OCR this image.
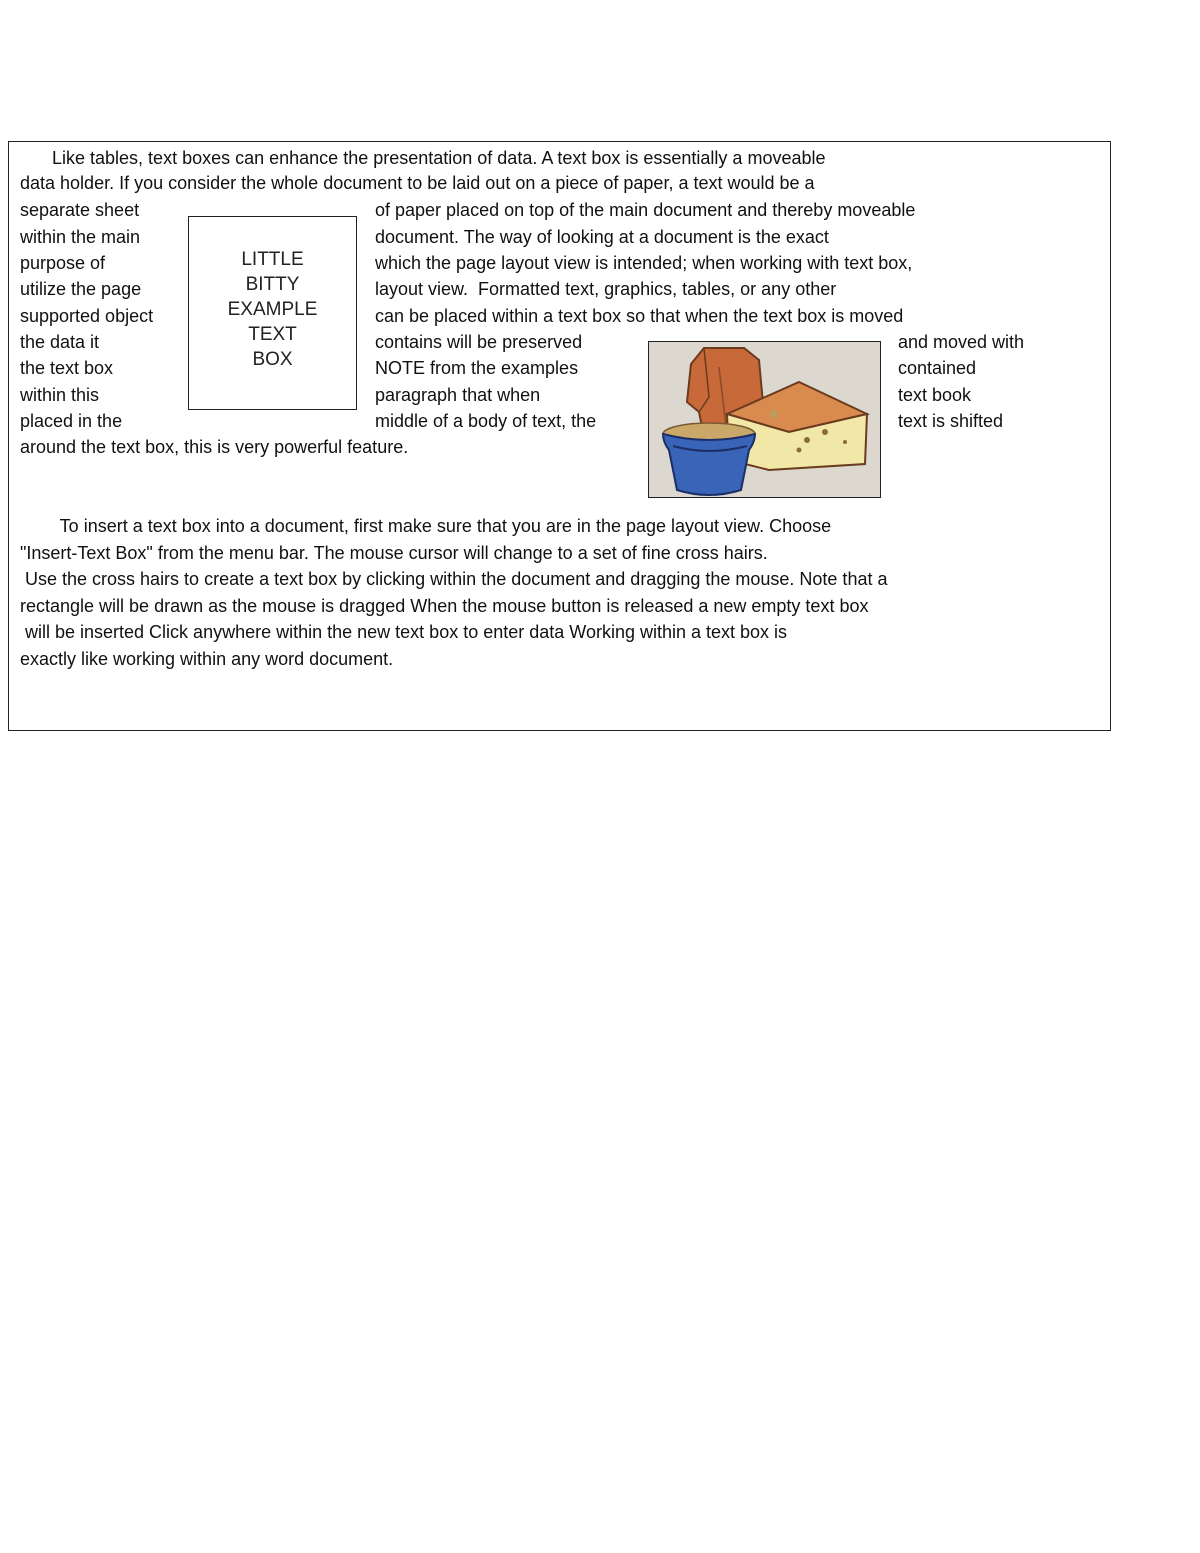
Like tables, text boxes can enhance the presentation of data. A text box is essentially a moveable
data holder. If you consider the whole document to be laid out on a piece of paper, a text would be a
separate sheet
within the main
purpose of
utilize the page
supported object
the data it
the text box
within this
placed in the
LITTLE
BITTY
EXAMPLE
TEXT
BOX
of paper placed on top of the main document and thereby moveable
document. The way of looking at a document is the exact
which the page layout view is intended; when working with text box,
layout view.  Formatted text, graphics, tables, or any other
can be placed within a text box so that when the text box is moved
contains will be preserved
NOTE from the examples
paragraph that when
middle of a body of text, the
and moved with
contained
text book
text is shifted
around the text box, this is very powerful feature.
To insert a text box into a document, first make sure that you are in the page layout view. Choose
"Insert-Text Box" from the menu bar. The mouse cursor will change to a set of fine cross hairs.
Use the cross hairs to create a text box by clicking within the document and dragging the mouse. Note that a
rectangle will be drawn as the mouse is dragged When the mouse button is released a new empty text box
will be inserted Click anywhere within the new text box to enter data Working within a text box is
exactly like working within any word document.
